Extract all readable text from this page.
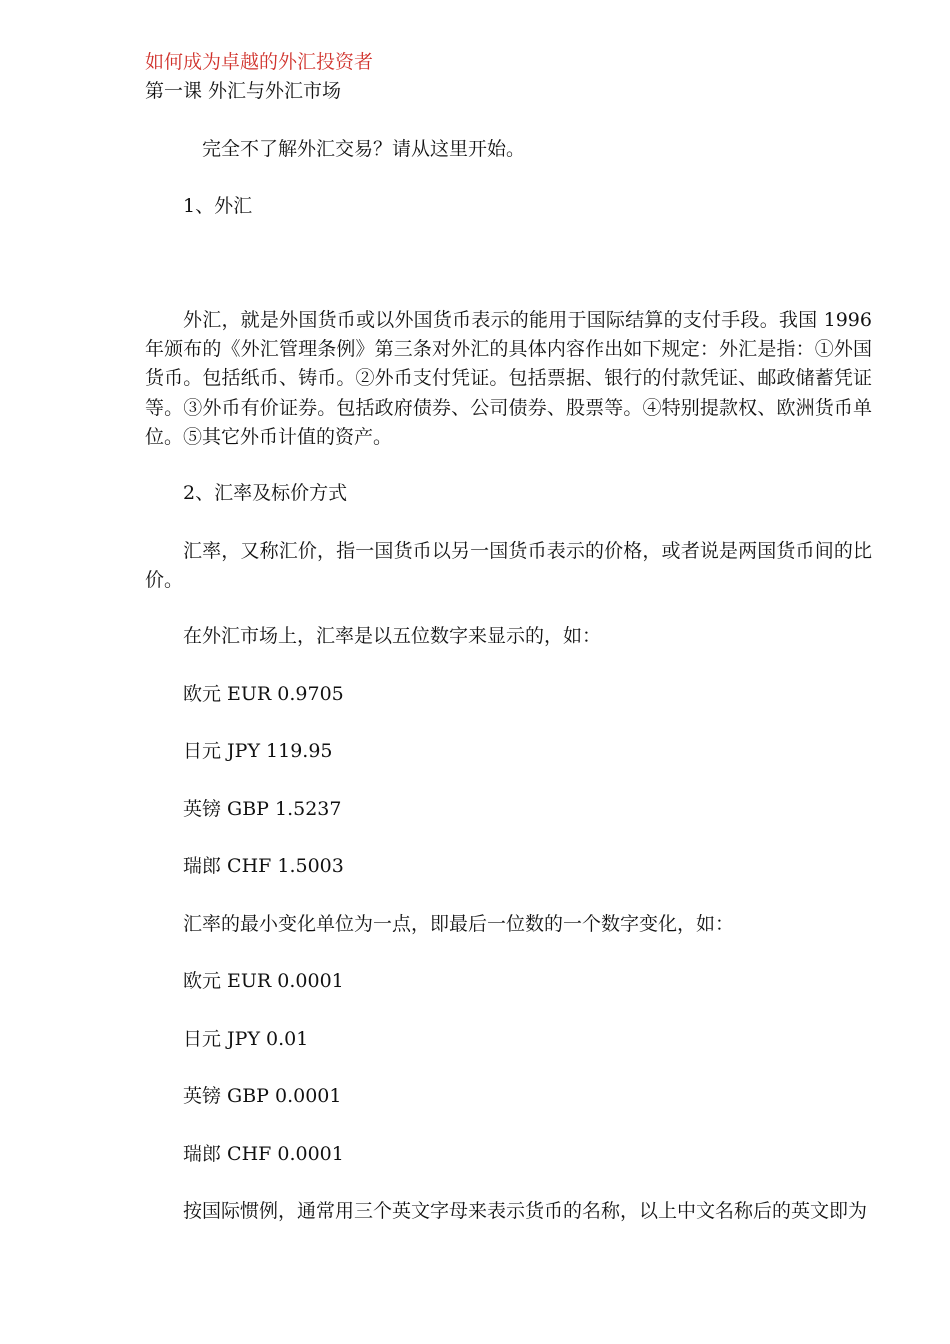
如何成为卓越的外汇投资者
第一课 外汇与外汇市场
完全不了解外汇交易？请从这里开始。
1、外汇
外汇，就是外国货币或以外国货币表示的能用于国际结算的支付手段。我国 1996 年颁布的《外汇管理条例》第三条对外汇的具体内容作出如下规定：外汇是指：①外国货币。包括纸币、铸币。②外币支付凭证。包括票据、银行的付款凭证、邮政储蓄凭证等。③外币有价证券。包括政府债券、公司债券、股票等。④特别提款权、欧洲货币单位。⑤其它外币计值的资产。
2、汇率及标价方式
汇率，又称汇价，指一国货币以另一国货币表示的价格，或者说是两国货币间的比价。
在外汇市场上，汇率是以五位数字来显示的，如：
欧元 EUR 0.9705
日元 JPY 119.95
英镑 GBP 1.5237
瑞郎 CHF 1.5003
汇率的最小变化单位为一点，即最后一位数的一个数字变化，如：
欧元 EUR 0.0001
日元 JPY 0.01
英镑 GBP 0.0001
瑞郎 CHF 0.0001
按国际惯例，通常用三个英文字母来表示货币的名称，以上中文名称后的英文即为
